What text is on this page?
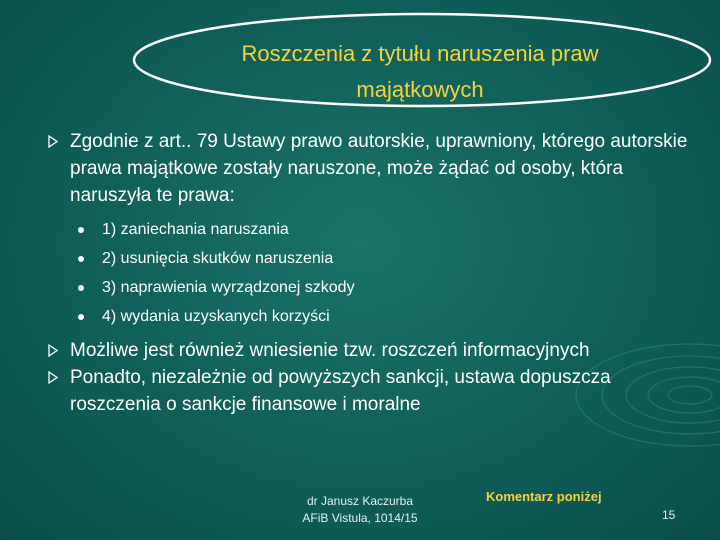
Roszczenia z tytułu naruszenia praw
majątkowych
Zgodnie z art.. 79 Ustawy prawo autorskie, uprawniony, którego autorskie prawa majątkowe zostały naruszone, może żądać od osoby, która naruszyła te prawa:
1) zaniechania naruszania
2) usunięcia skutków naruszenia
3) naprawienia wyrządzonej szkody
4) wydania uzyskanych korzyści
Możliwe jest również wniesienie tzw. roszczeń informacyjnych
Ponadto, niezależnie od powyższych sankcji, ustawa dopuszcza roszczenia o sankcje finansowe i moralne
dr Janusz Kaczurba
AFiB Vistula, 1014/15
Komentarz poniżej
15
